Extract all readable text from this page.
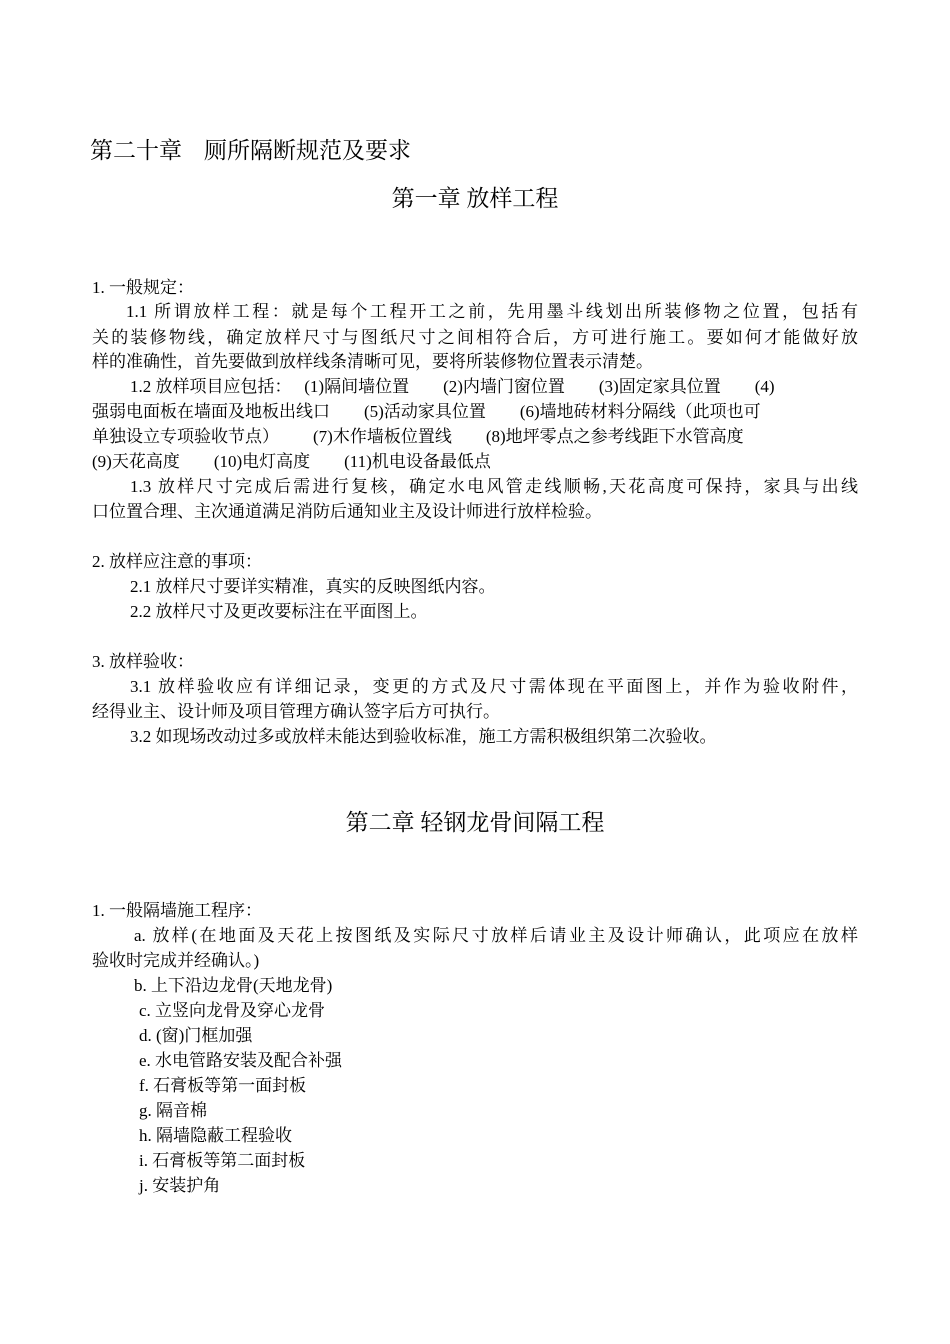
第二十章 厕所隔断规范及要求
第一章 放样工程
1. 一般规定：
1.1 所谓放样工程：就是每个工程开工之前，先用墨斗线划出所装修物之位置，包括有
关的装修物线，确定放样尺寸与图纸尺寸之间相符合后，方可进行施工。要如何才能做好放
样的准确性，首先要做到放样线条清晰可见，要将所装修物位置表示清楚。
1.2 放样项目应包括：   (1)隔间墙位置        (2)内墙门窗位置        (3)固定家具位置        (4)
强弱电面板在墙面及地板出线口        (5)活动家具位置        (6)墙地砖材料分隔线（此项也可
单独设立专项验收节点）        (7)木作墙板位置线        (8)地坪零点之参考线距下水管高度
(9)天花高度        (10)电灯高度        (11)机电设备最低点
1.3 放样尺寸完成后需进行复核，确定水电风管走线顺畅,天花高度可保持，家具与出线
口位置合理、主次通道满足消防后通知业主及设计师进行放样检验。
2. 放样应注意的事项：
2.1 放样尺寸要详实精准，真实的反映图纸内容。
2.2 放样尺寸及更改要标注在平面图上。
3. 放样验收：
3.1 放样验收应有详细记录，变更的方式及尺寸需体现在平面图上，并作为验收附件，
经得业主、设计师及项目管理方确认签字后方可执行。
3.2 如现场改动过多或放样未能达到验收标准，施工方需积极组织第二次验收。
第二章 轻钢龙骨间隔工程
1. 一般隔墙施工程序：
a. 放样(在地面及天花上按图纸及实际尺寸放样后请业主及设计师确认，此项应在放样
验收时完成并经确认。)
b. 上下沿边龙骨(天地龙骨)
c. 立竖向龙骨及穿心龙骨
d. (窗)门框加强
e. 水电管路安装及配合补强
f. 石膏板等第一面封板
g. 隔音棉
h. 隔墙隐蔽工程验收
i. 石膏板等第二面封板
j. 安装护角
